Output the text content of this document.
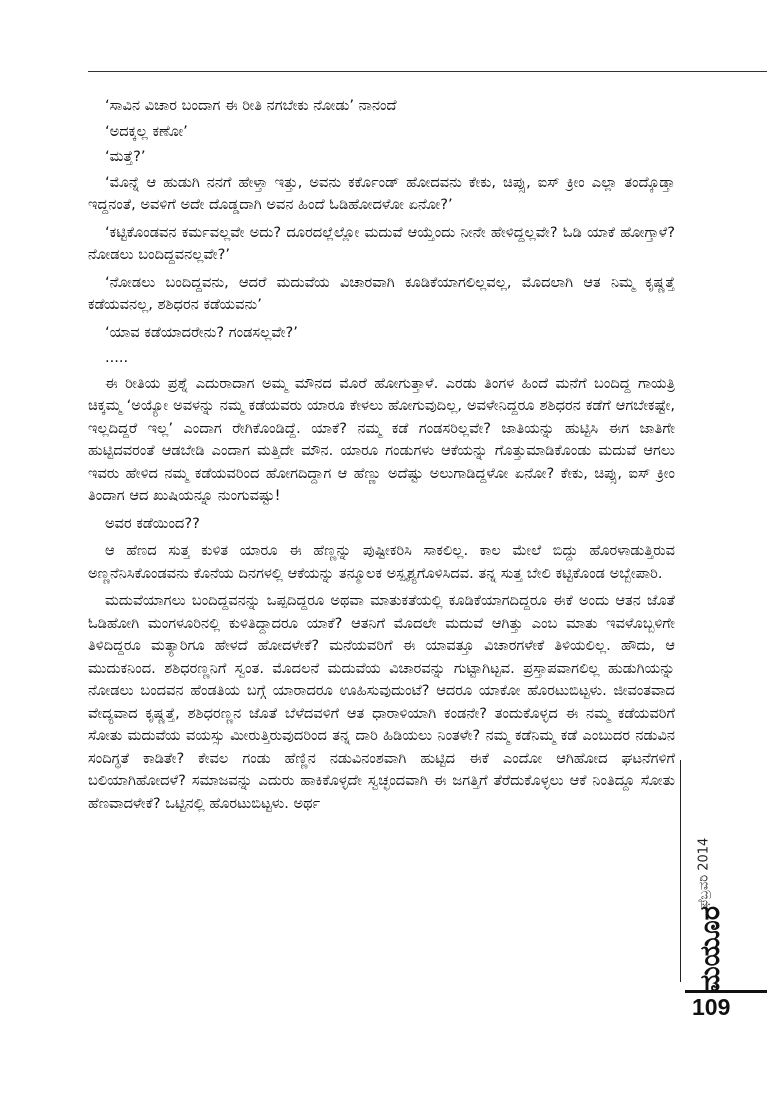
‘ಸಾವಿನ ವಿಚಾರ ಬಂದಾಗ ಈ ರೀತಿ ನಗಬೇಕು ನೋಡು’ ನಾನಂದೆ

‘ಅದಕ್ಕಲ್ಲ ಕಣೋ’

‘ಮತ್ತೆ?’

‘ಮೊನ್ನೆ ಆ ಹುಡುಗಿ ನನಗೆ ಹೇಳ್ತಾ ಇತ್ತು, ಅವನು ಕರ್ಕೊಂಡ್ ಹೋದವನು ಕೇಕು, ಚಿಪ್ಸು, ಐಸ್ ಕ್ರೀಂ ಎಲ್ಲಾ ತಂದ್ಕೊಡ್ತಾ ಇದ್ದನಂತೆ, ಅವಳಿಗೆ ಅದೇ ದೊಡ್ಡದಾಗಿ ಅವನ ಹಿಂದೆ ಓಡಿಹೋದಳೋ ಏನೋ?’

‘ಕಟ್ಟಿಕೊಂಡವನ ಕರ್ಮವಲ್ಲವೇ ಅದು? ದೂರದಲ್ಲೆಲ್ಲೋ ಮದುವೆ ಆಯ್ತೆಂದು ನೀನೇ ಹೇಳಿದ್ದಲ್ಲವೇ? ಓಡಿ ಯಾಕೆ ಹೋಗ್ತಾಳೆ? ನೋಡಲು ಬಂದಿದ್ದವನಲ್ಲವೇ?’

‘ನೋಡಲು ಬಂದಿದ್ದವನು, ಆದರೆ ಮದುವೆಯ ವಿಚಾರವಾಗಿ ಕೂಡಿಕೆಯಾಗಲಿಲ್ಲವಲ್ಲ, ಮೊದಲಾಗಿ ಆತ ನಿಮ್ಮ ಕೃಷ್ಣತ್ತೆ ಕಡೆಯವನಲ್ಲ, ಶಶಿಧರನ ಕಡೆಯವನು’

‘ಯಾವ ಕಡೆಯಾದರೇನು? ಗಂಡಸಲ್ಲವೇ?’

.....

ಈ ರೀತಿಯ ಪ್ರಶ್ನೆ ಎದುರಾದಾಗ ಅಮ್ಮ ಮೌನದ ಮೊರೆ ಹೋಗುತ್ತಾಳೆ. ಎರಡು ತಿಂಗಳ ಹಿಂದೆ ಮನೆಗೆ ಬಂದಿದ್ದ ಗಾಯತ್ರಿ ಚಿಕ್ಕಮ್ಮ ‘ಅಯ್ಯೋ ಅವಳನ್ನು ನಮ್ಮ ಕಡೆಯವರು ಯಾರೂ ಕೇಳಲು ಹೋಗುವುದಿಲ್ಲ, ಅವಳೇನಿದ್ದರೂ ಶಶಿಧರನ ಕಡೆಗೆ ಆಗಬೇಕಷ್ಟೇ, ಇಲ್ಲದಿದ್ದರೆ ಇಲ್ಲ’ ಎಂದಾಗ ರೇಗಿಕೊಂಡಿದ್ದೆ. ಯಾಕೆ? ನಮ್ಮ ಕಡೆ ಗಂಡಸರಿಲ್ಲವೇ? ಜಾತಿಯನ್ನು ಹುಟ್ಟಿಸಿ ಈಗ ಜಾತಿಗೇ ಹುಟ್ಟಿದವರಂತೆ ಆಡಬೇಡಿ ಎಂದಾಗ ಮತ್ತಿದೇ ಮೌನ. ಯಾರೂ ಗಂಡುಗಳು ಆಕೆಯನ್ನು ಗೊತ್ತುಮಾಡಿಕೊಂಡು ಮದುವೆ ಆಗಲು ಇವರು ಹೇಳಿದ ನಮ್ಮ ಕಡೆಯವರಿಂದ ಹೋಗದಿದ್ದಾಗ ಆ ಹೆಣ್ಣು ಅದೆಷ್ಟು ಅಲುಗಾಡಿದ್ದಳೋ ಏನೋ? ಕೇಕು, ಚಿಪ್ಸು, ಐಸ್ ಕ್ರೀಂ ತಿಂದಾಗ ಆದ ಖುಷಿಯನ್ನೂ ನುಂಗುವಷ್ಟು!

ಅವರ ಕಡೆಯಿಂದ??

ಆ ಹೆಣದ ಸುತ್ತ ಕುಳಿತ ಯಾರೂ ಈ ಹೆಣ್ಣನ್ನು ಪುಷ್ಟೀಕರಿಸಿ ಸಾಕಲಿಲ್ಲ. ಕಾಲ ಮೇಲೆ ಬಿದ್ದು ಹೊರಳಾಡುತ್ತಿರುವ ಅಣ್ಣನೆನಿಸಿಕೊಂಡವನು ಕೊನೆಯ ದಿನಗಳಲ್ಲಿ ಆಕೆಯನ್ನು ತನ್ಮೂಲಕ ಅಸ್ಪೃಶ್ಯಗೊಳಿಸಿದವ. ತನ್ನ ಸುತ್ತ ಬೇಲಿ ಕಟ್ಟಿಕೊಂಡ ಅಬ್ಬೇಪಾರಿ.

ಮದುವೆಯಾಗಲು ಬಂದಿದ್ದವನನ್ನು ಒಪ್ಪದಿದ್ದರೂ ಅಥವಾ ಮಾತುಕತೆಯಲ್ಲಿ ಕೂಡಿಕೆಯಾಗದಿದ್ದರೂ ಈಕೆ ಅಂದು ಆತನ ಜೊತೆ ಓಡಿಹೋಗಿ ಮಂಗಳೂರಿನಲ್ಲಿ ಕುಳಿತಿದ್ದಾದರೂ ಯಾಕೆ? ಆತನಿಗೆ ಮೊದಲೇ ಮದುವೆ ಆಗಿತ್ತು ಎಂಬ ಮಾತು ಇವಳೊಬ್ಬಳಿಗೇ ತಿಳಿದಿದ್ದರೂ ಮತ್ಯಾರಿಗೂ ಹೇಳದೆ ಹೋದಳೇಕೆ? ಮನೆಯವರಿಗೆ ಈ ಯಾವತ್ತೂ ವಿಚಾರಗಳೇಕೆ ತಿಳಿಯಲಿಲ್ಲ. ಹೌದು, ಆ ಮುದುಕನಿಂದ. ಶಶಿಧರಣ್ಣನಿಗೆ ಸ್ವಂತ. ಮೊದಲನೆ ಮದುವೆಯ ವಿಚಾರವನ್ನು ಗುಟ್ಟಾಗಿಟ್ಟವ. ಪ್ರಸ್ತಾಪವಾಗಲಿಲ್ಲ ಹುಡುಗಿಯನ್ನು ನೋಡಲು ಬಂದವನ ಹೆಂಡತಿಯ ಬಗ್ಗೆ ಯಾರಾದರೂ ಊಹಿಸುವುದುಂಟೆ? ಆದರೂ ಯಾಕೋ ಹೊರಟುಬಿಟ್ಟಳು. ಜೀವಂತವಾದ ವೇದ್ಯವಾದ ಕೃಷ್ಣತ್ತೆ, ಶಶಿಧರಣ್ಣನ ಜೊತೆ ಬೆಳೆದವಳಿಗೆ ಆತ ಧಾರಾಳಿಯಾಗಿ ಕಂಡನೇ? ತಂದುಕೊಳ್ಳದ ಈ ನಮ್ಮ ಕಡೆಯವರಿಗೆ ಸೋತು ಮದುವೆಯ ವಯಸ್ಸು ಮೀರುತ್ತಿರುವುದರಿಂದ ತನ್ನ ದಾರಿ ಹಿಡಿಯಲು ನಿಂತಳೇ? ನಮ್ಮ ಕಡೆನಿಮ್ಮ ಕಡೆ ಎಂಬುದರ ನಡುವಿನ ಸಂದಿಗ್ಧತೆ ಕಾಡಿತೇ? ಕೇವಲ ಗಂಡು ಹೆಣ್ಣಿನ ನಡುವಿನಂಶವಾಗಿ ಹುಟ್ಟಿದ ಈಕೆ ಎಂದೋ ಆಗಿಹೋದ ಘಟನೆಗಳಿಗೆ ಬಲಿಯಾಗಿಹೋದಳೆ? ಸಮಾಜವನ್ನು ಎದುರು ಹಾಕಿಕೊಳ್ಳದೇ ಸ್ವಚ್ಛಂದವಾಗಿ ಈ ಜಗತ್ತಿಗೆ ತೆರೆದುಕೊಳ್ಳಲು ಆಕೆ ನಿಂತಿದ್ದೂ ಸೋತು ಹೆಣವಾದಳೇಕೆ? ಒಟ್ಟಿನಲ್ಲಿ ಹೊರಟುಬಿಟ್ಟಳು. ಅರ್ಥ

ಫೆಬ್ರವರಿ 2014
ಮಯೂರ
109
